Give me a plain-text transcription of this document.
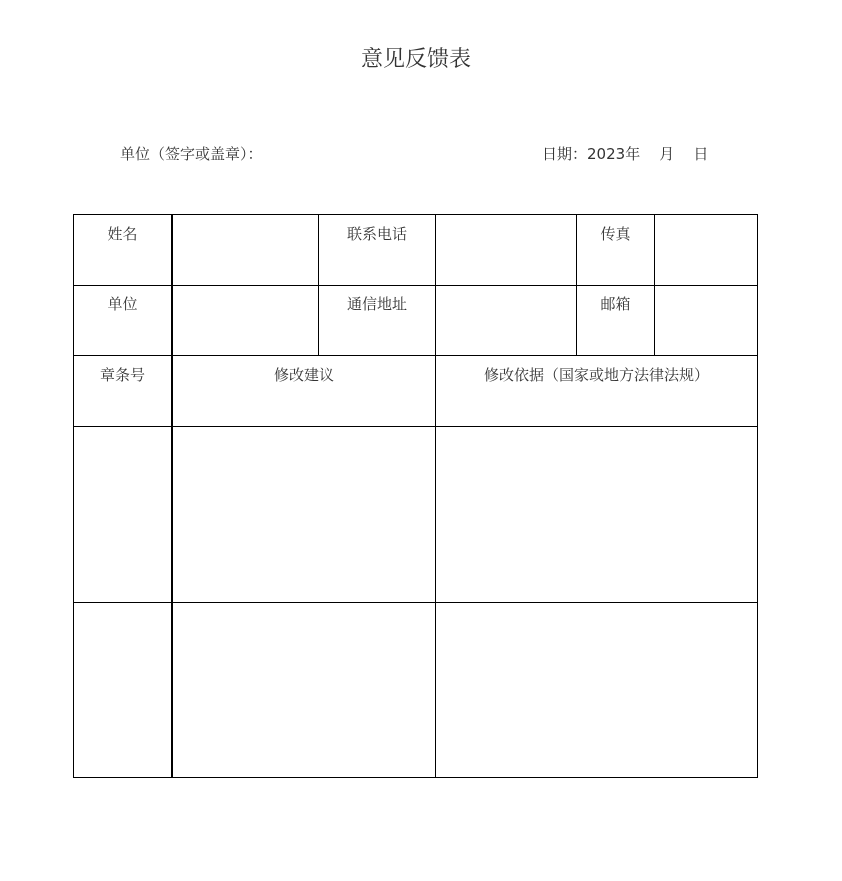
意见反馈表
单位（签字或盖章）：	日期：2023年 月 日
姓名	联系电话	传真
单位	通信地址	邮箱
章条号	修改建议	修改依据（国家或地方法律法规）
